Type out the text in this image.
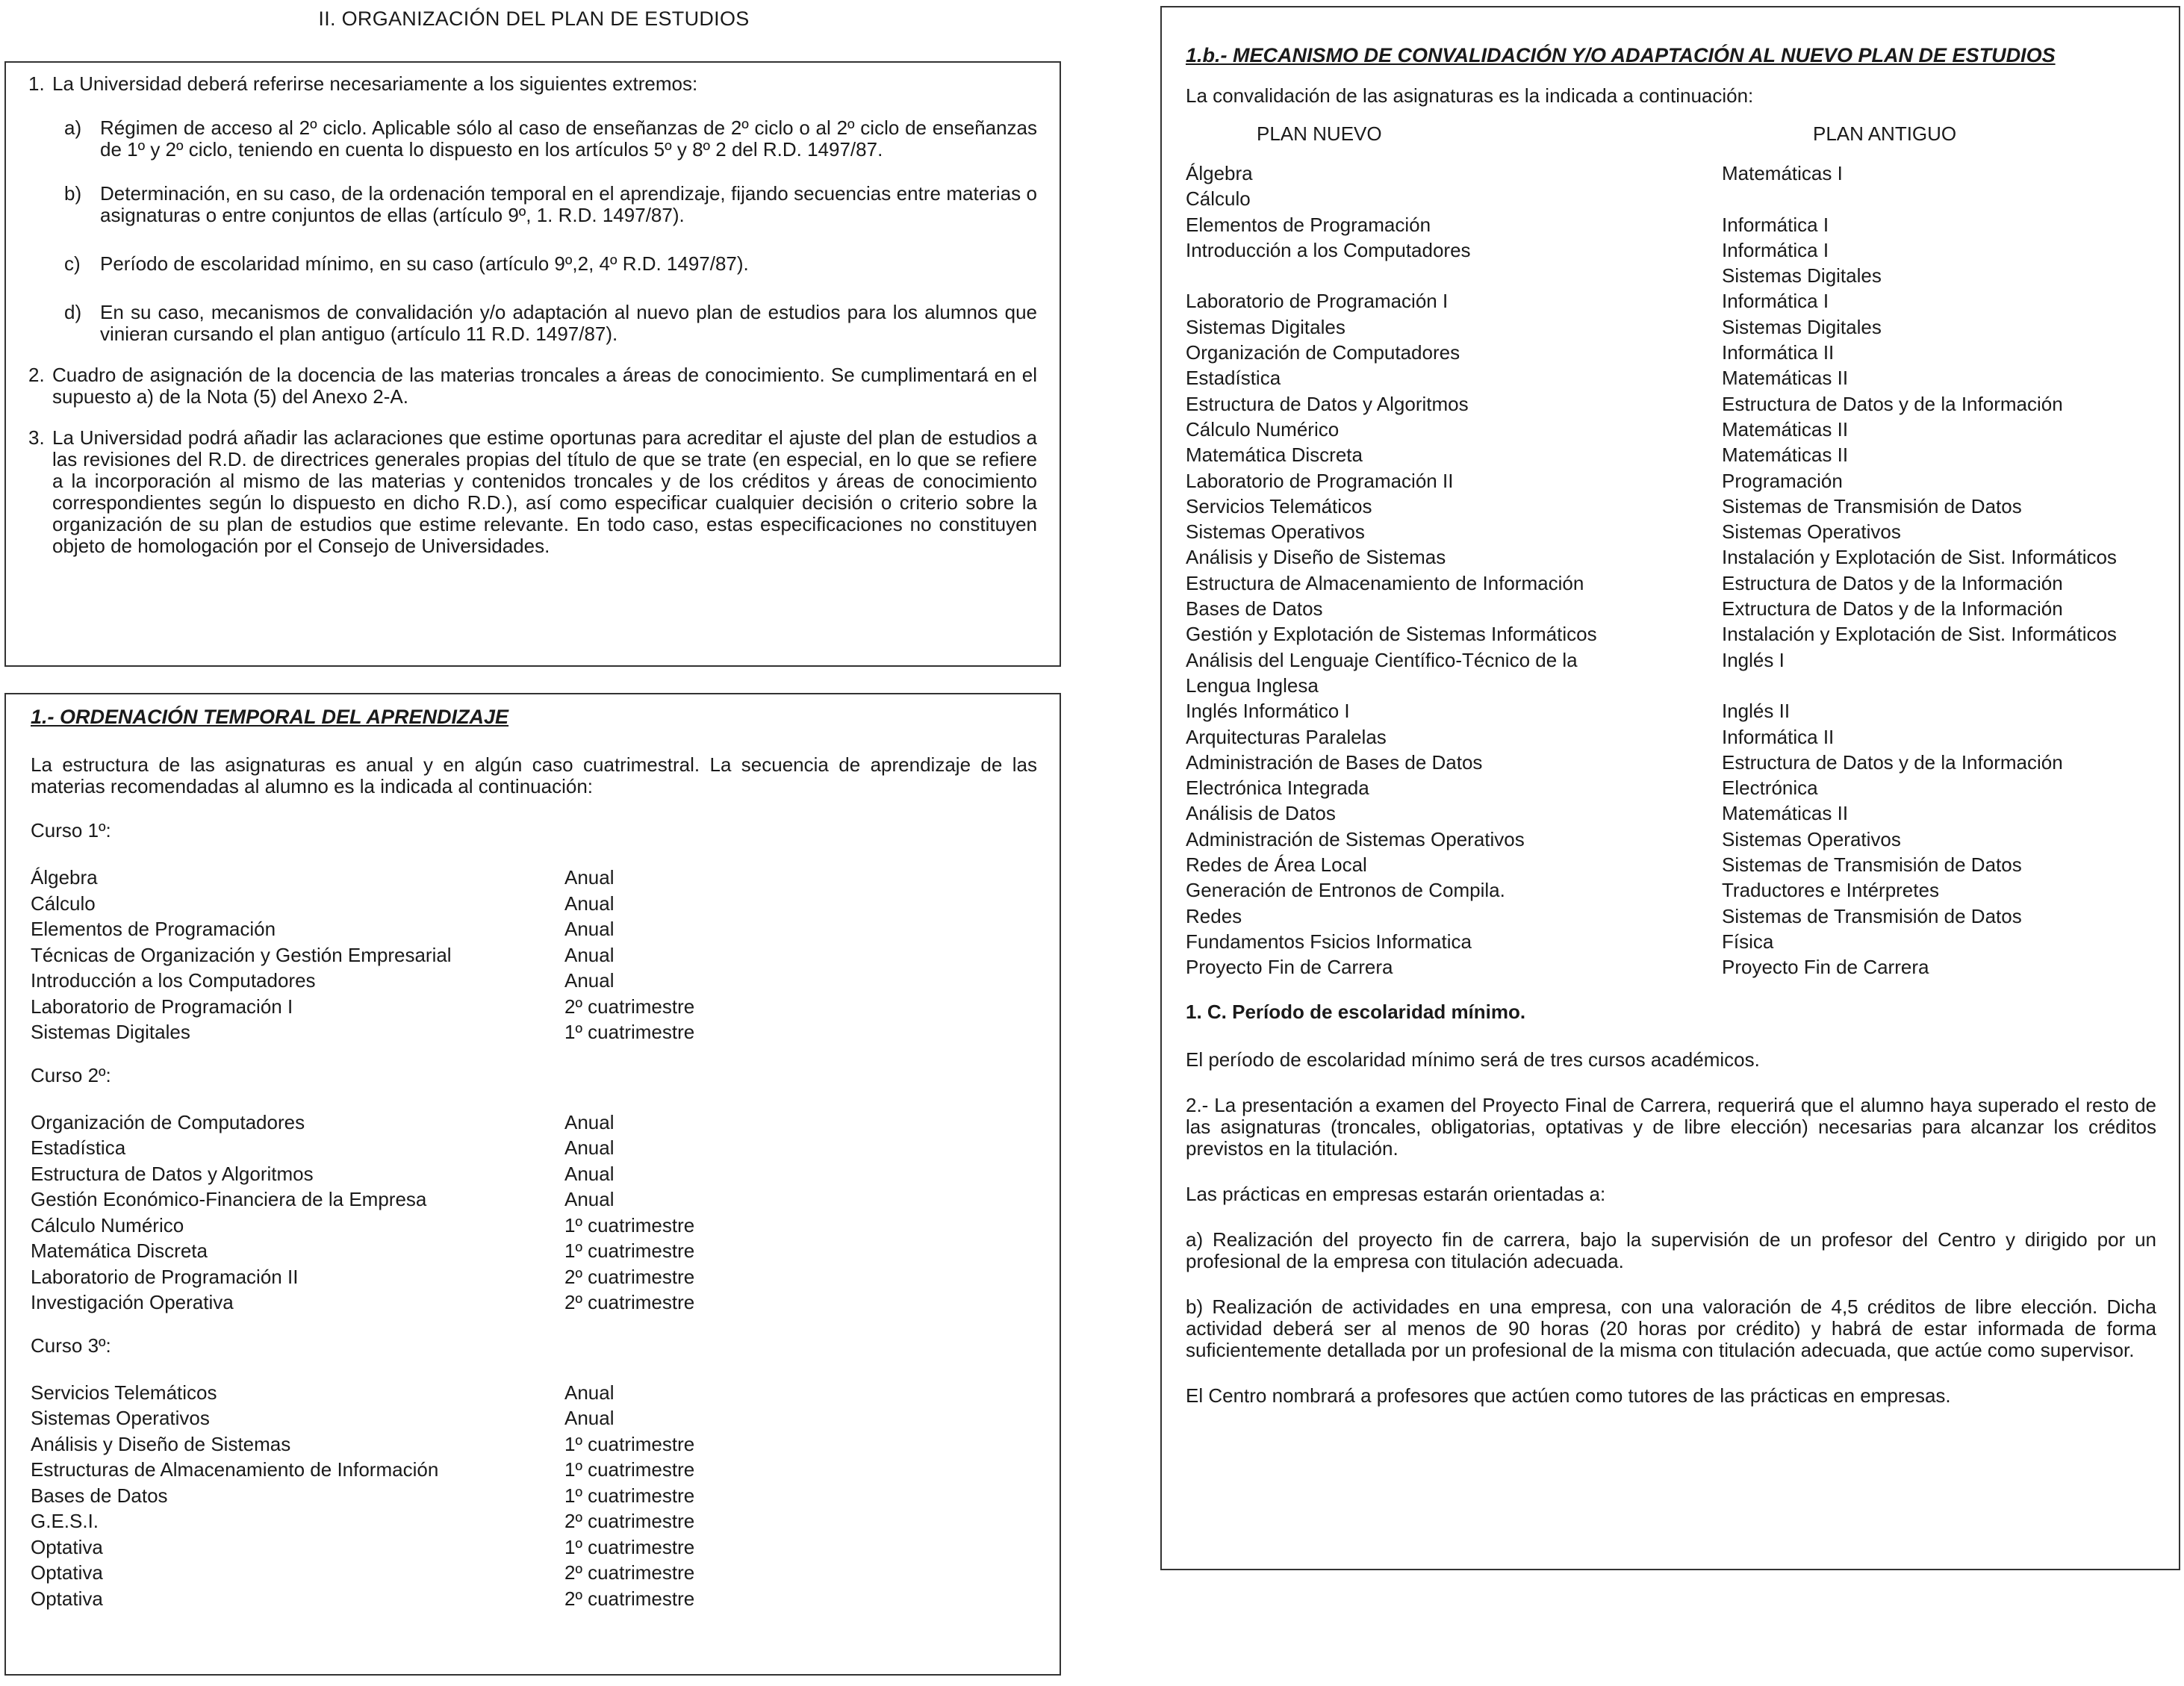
II. ORGANIZACIÓN DEL PLAN DE ESTUDIOS
1. La Universidad deberá referirse necesariamente a los siguientes extremos:
a) Régimen de acceso al 2º ciclo. Aplicable sólo al caso de enseñanzas de 2º ciclo o al 2º ciclo de enseñanzas de 1º y 2º ciclo, teniendo en cuenta lo dispuesto en los artículos 5º y 8º 2 del R.D. 1497/87.
b) Determinación, en su caso, de la ordenación temporal en el aprendizaje, fijando secuencias entre materias o asignaturas o entre conjuntos de ellas (artículo 9º, 1. R.D. 1497/87).
c) Período de escolaridad mínimo, en su caso (artículo 9º,2, 4º R.D. 1497/87).
d) En su caso, mecanismos de convalidación y/o adaptación al nuevo plan de estudios para los alumnos que vinieran cursando el plan antiguo (artículo 11 R.D. 1497/87).
2. Cuadro de asignación de la docencia de las materias troncales a áreas de conocimiento. Se cumplimentará en el supuesto a) de la Nota (5) del Anexo 2-A.
3. La Universidad podrá añadir las aclaraciones que estime oportunas para acreditar el ajuste del plan de estudios a las revisiones del R.D. de directrices generales propias del título de que se trate (en especial, en lo que se refiere a la incorporación al mismo de las materias y contenidos troncales y de los créditos y áreas de conocimiento correspondientes según lo dispuesto en dicho R.D.), así como especificar cualquier decisión o criterio sobre la organización de su plan de estudios que estime relevante. En todo caso, estas especificaciones no constituyen objeto de homologación por el Consejo de Universidades.
1.- ORDENACIÓN TEMPORAL DEL APRENDIZAJE
La estructura de las asignaturas es anual y en algún caso cuatrimestral. La secuencia de aprendizaje de las materias recomendadas al alumno es la indicada al continuación:
Curso 1º:
Álgebra	Anual
Cálculo	Anual
Elementos de Programación	Anual
Técnicas de Organización y Gestión Empresarial	Anual
Introducción a los Computadores	Anual
Laboratorio de Programación I	2º cuatrimestre
Sistemas Digitales	1º cuatrimestre
Curso 2º:
Organización de Computadores	Anual
Estadística	Anual
Estructura de Datos y Algoritmos	Anual
Gestión Económico-Financiera de la Empresa	Anual
Cálculo Numérico	1º cuatrimestre
Matemática Discreta	1º cuatrimestre
Laboratorio de Programación II	2º cuatrimestre
Investigación Operativa	2º cuatrimestre
Curso 3º:
Servicios Telemáticos	Anual
Sistemas Operativos	Anual
Análisis y Diseño de Sistemas	1º cuatrimestre
Estructuras de Almacenamiento de Información	1º cuatrimestre
Bases de Datos	1º cuatrimestre
G.E.S.I.	2º cuatrimestre
Optativa	1º cuatrimestre
Optativa	2º cuatrimestre
Optativa	2º cuatrimestre
1.b.- MECANISMO DE CONVALIDACIÓN Y/O ADAPTACIÓN AL NUEVO PLAN DE ESTUDIOS
La convalidación de las asignaturas es la indicada a continuación:
PLAN NUEVO	PLAN ANTIGUO
Álgebra	Matemáticas I
Cálculo	
Elementos de Programación	Informática I
Introducción a los Computadores	Informática I
	Sistemas Digitales
Laboratorio de Programación I	Informática I
Sistemas Digitales	Sistemas Digitales
Organización de Computadores	Informática II
Estadística	Matemáticas II
Estructura de Datos y Algoritmos	Estructura de Datos y de la Información
Cálculo Numérico	Matemáticas II
Matemática Discreta	Matemáticas II
Laboratorio de Programación II	Programación
Servicios Telemáticos	Sistemas de Transmisión de Datos
Sistemas Operativos	Sistemas Operativos
Análisis y Diseño de Sistemas	Instalación y Explotación de Sist. Informáticos
Estructura de Almacenamiento de Información	Estructura de Datos y de la Información
Bases de Datos	Extructura de Datos y de la Información
Gestión y Explotación de Sistemas Informáticos	Instalación y Explotación de Sist. Informáticos
Análisis del Lenguaje Científico-Técnico de la	Inglés I
Lengua Inglesa	
Inglés Informático I	Inglés II
Arquitecturas Paralelas	Informática II
Administración de Bases de Datos	Estructura de Datos y de la Información
Electrónica Integrada	Electrónica
Análisis de Datos	Matemáticas II
Administración de Sistemas Operativos	Sistemas Operativos
Redes de Área Local	Sistemas de Transmisión de Datos
Generación de Entronos de Compila.	Traductores e Intérpretes
Redes	Sistemas de Transmisión de Datos
Fundamentos Fsicios Informatica	Física
Proyecto Fin de Carrera	Proyecto Fin de Carrera
1. C. Período de escolaridad mínimo.
El período de escolaridad mínimo será de tres cursos académicos.
2.- La presentación a examen del Proyecto Final de Carrera, requerirá que el alumno haya superado el resto de las asignaturas (troncales, obligatorias, optativas y de libre elección) necesarias para alcanzar los créditos previstos en la titulación.
Las prácticas en empresas estarán orientadas a:
a) Realización del proyecto fin de carrera, bajo la supervisión de un profesor del Centro y dirigido por un profesional de la empresa con titulación adecuada.
b) Realización de actividades en una empresa, con una valoración de 4,5 créditos de libre elección. Dicha actividad deberá ser al menos de 90 horas (20 horas por crédito) y habrá de estar informada de forma suficientemente detallada por un profesional de la misma con titulación adecuada, que actúe como supervisor.
El Centro nombrará a profesores que actúen como tutores de las prácticas en empresas.
